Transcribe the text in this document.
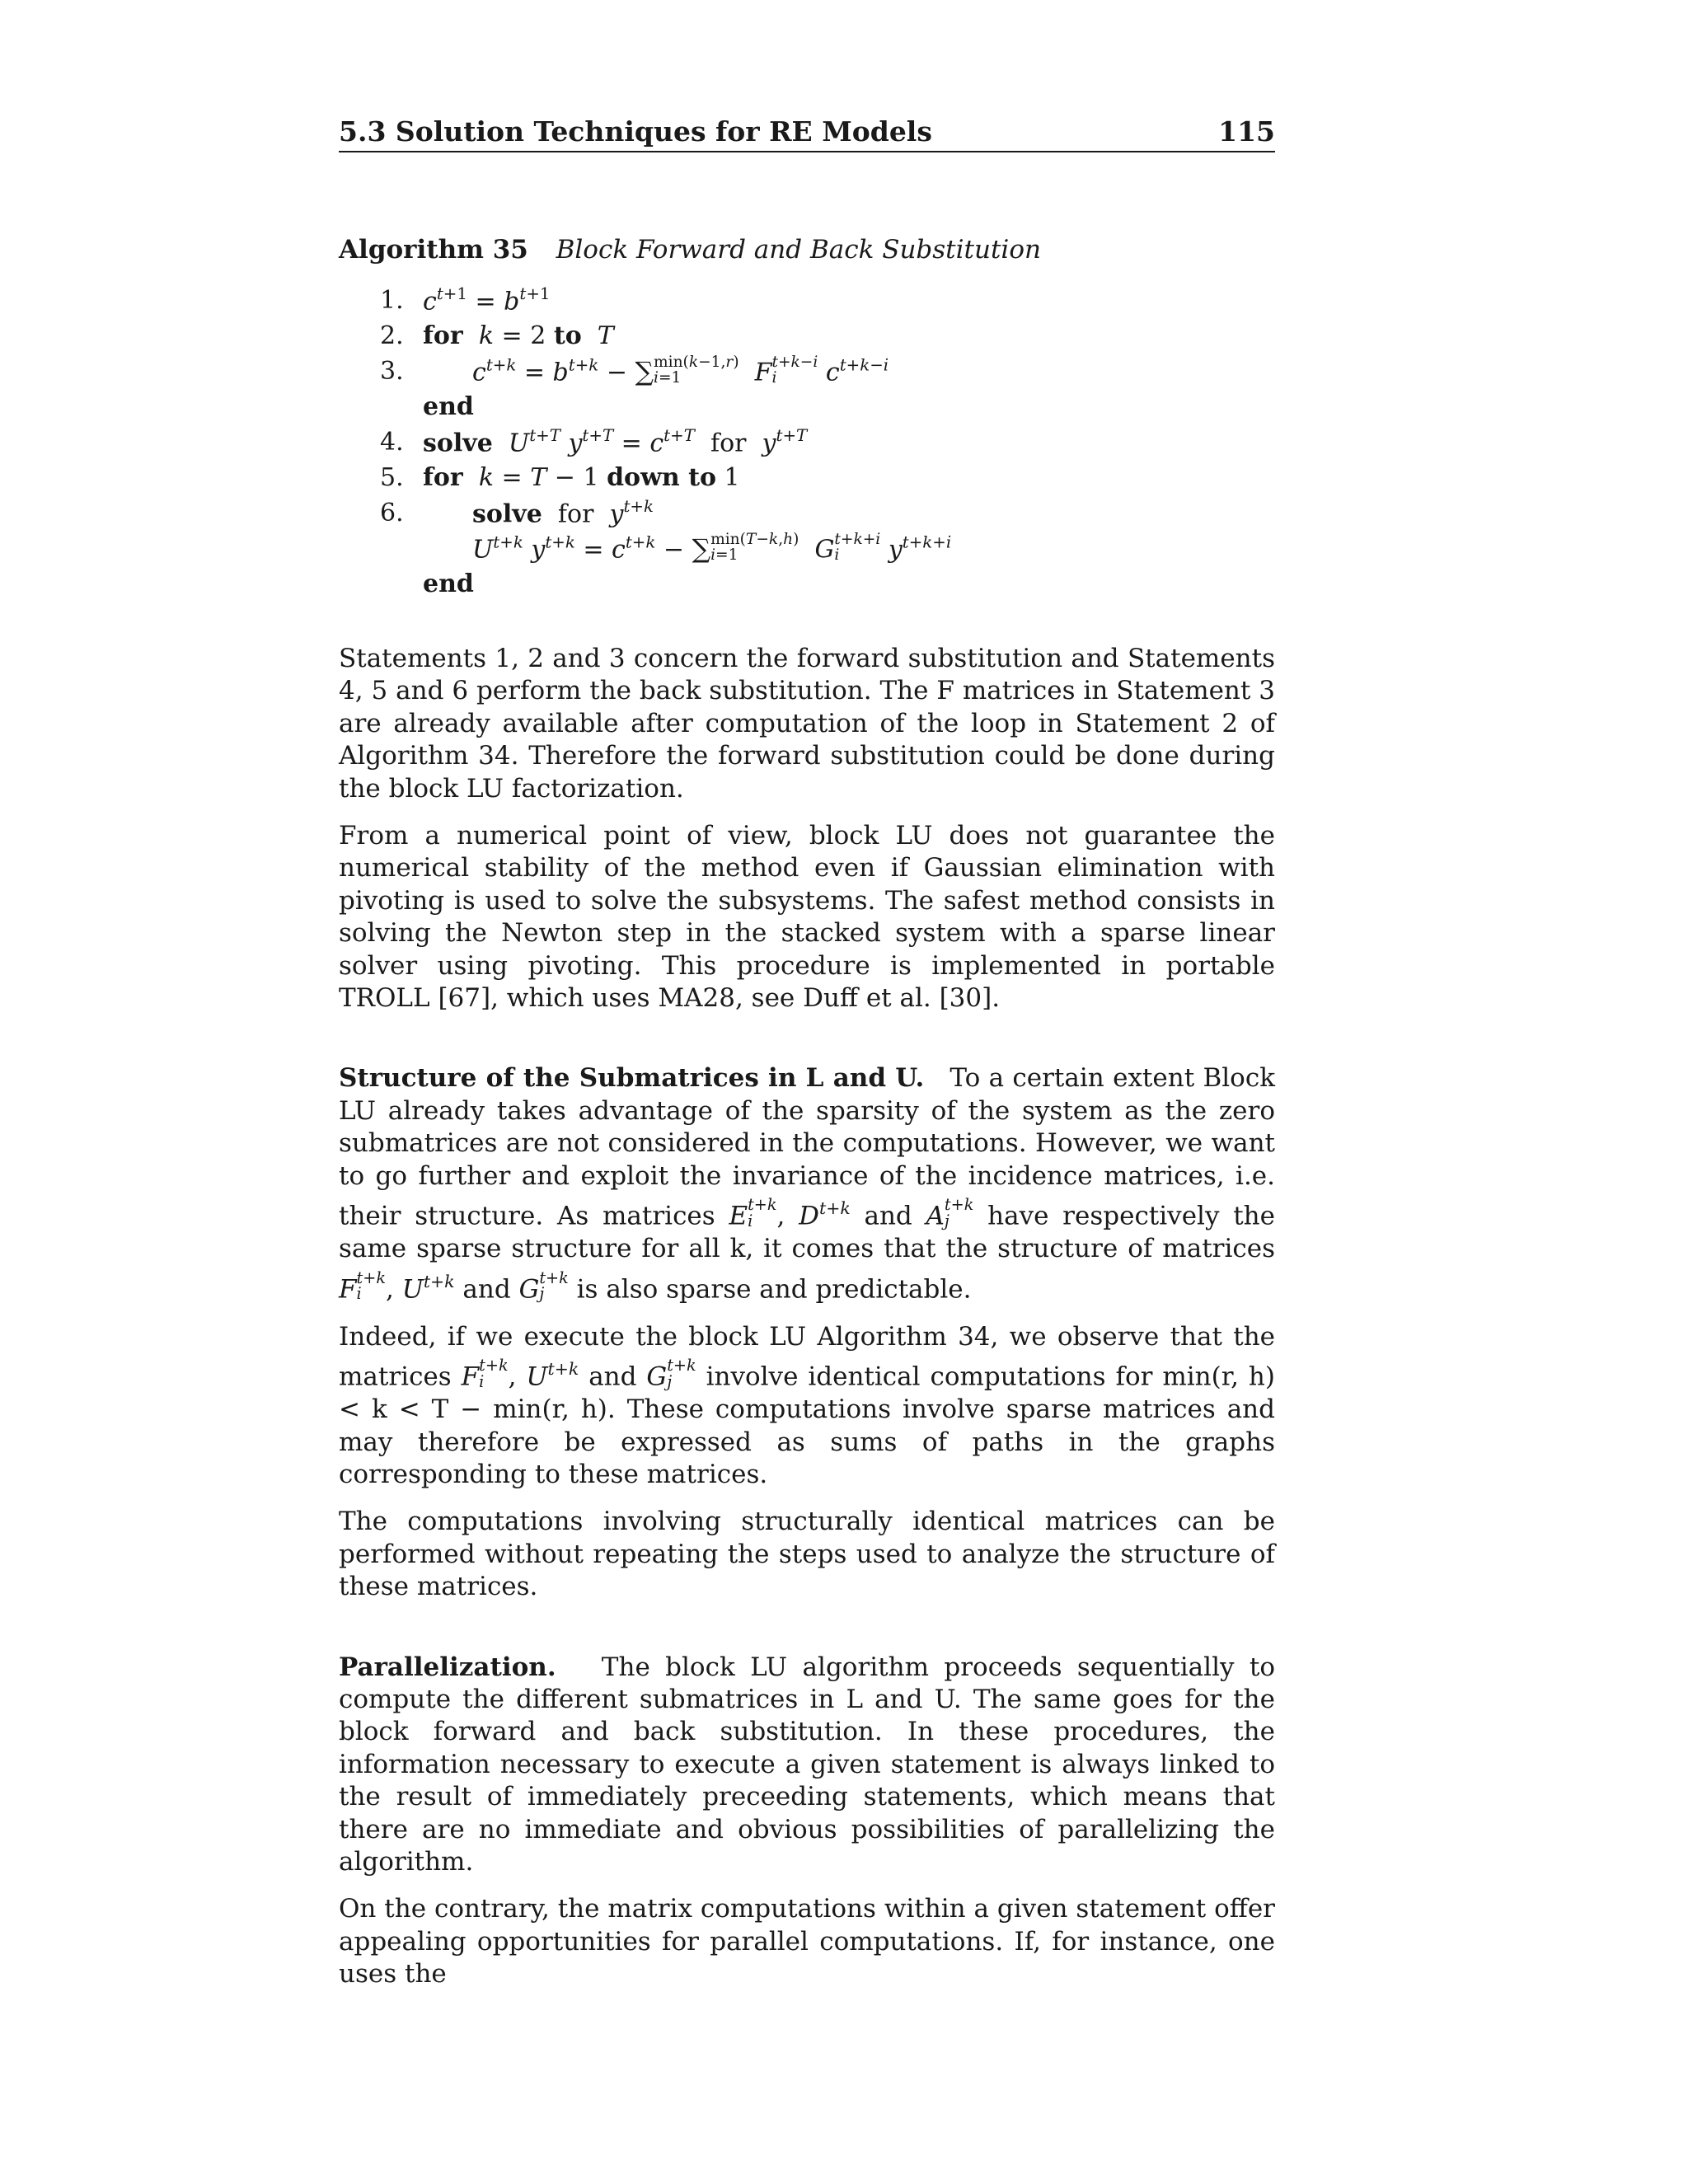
5.3 Solution Techniques for RE Models	115
Algorithm 35 Block Forward and Back Substitution
1. $c^{t+1} = b^{t+1}$
2. for k = 2 to T
3.	$c^{t+k} = b^{t+k}$ − ∑ min(k−1,r)
i=1	F t+k−i
i	$c^{t+k-i}$
end
4. solve $U^{t+T}$ $y^{t+T} = c^{t+T}$  for  $y^{t+T}$
5. for k = T − 1 down to 1
6.	solve  for  $y^{t+k}$
$U^{t+k}$ $y^{t+k} = c^{t+k}$ − ∑ min(T−k,h)
i=1	G t+k+i
i	$y^{t+k+i}$
end

Statements 1, 2 and 3 concern the forward substitution and Statements 4, 5 and 6 perform the back substitution. The F matrices in Statement 3 are already available after computation of the loop in Statement 2 of Algorithm 34. Therefore the forward substitution could be done during the block LU factorization.

From a numerical point of view, block LU does not guarantee the numerical stability of the method even if Gaussian elimination with pivoting is used to solve the subsystems. The safest method consists in solving the Newton step in the stacked system with a sparse linear solver using pivoting. This procedure is implemented in portable TROLL [67], which uses MA28, see Duff et al. [30].

Structure of the Submatrices in L and U. To a certain extent Block LU already takes advantage of the sparsity of the system as the zero submatrices are not considered in the computations. However, we want to go further and exploit the invariance of the incidence matrices, i.e. their structure. As matrices E t+k
i , $D^{t+k}$ and A t+k
j	have respectively the same sparse structure for all k, it comes that the structure of matrices F t+k
i , $U^{t+k}$ and G t+k
j	is also sparse and predictable.

Indeed, if we execute the block LU Algorithm 34, we observe that the matrices F t+k
i , $U^{t+k}$ and G t+k
j	involve identical computations for min(r, h) < k < T − min(r, h). These computations involve sparse matrices and may therefore be expressed as sums of paths in the graphs corresponding to these matrices.

The computations involving structurally identical matrices can be performed without repeating the steps used to analyze the structure of these matrices.

Parallelization. The block LU algorithm proceeds sequentially to compute the different submatrices in L and U. The same goes for the block forward and back substitution. In these procedures, the information necessary to execute a given statement is always linked to the result of immediately preceeding statements, which means that there are no immediate and obvious possibilities of parallelizing the algorithm.

On the contrary, the matrix computations within a given statement offer appealing opportunities for parallel computations. If, for instance, one uses the
